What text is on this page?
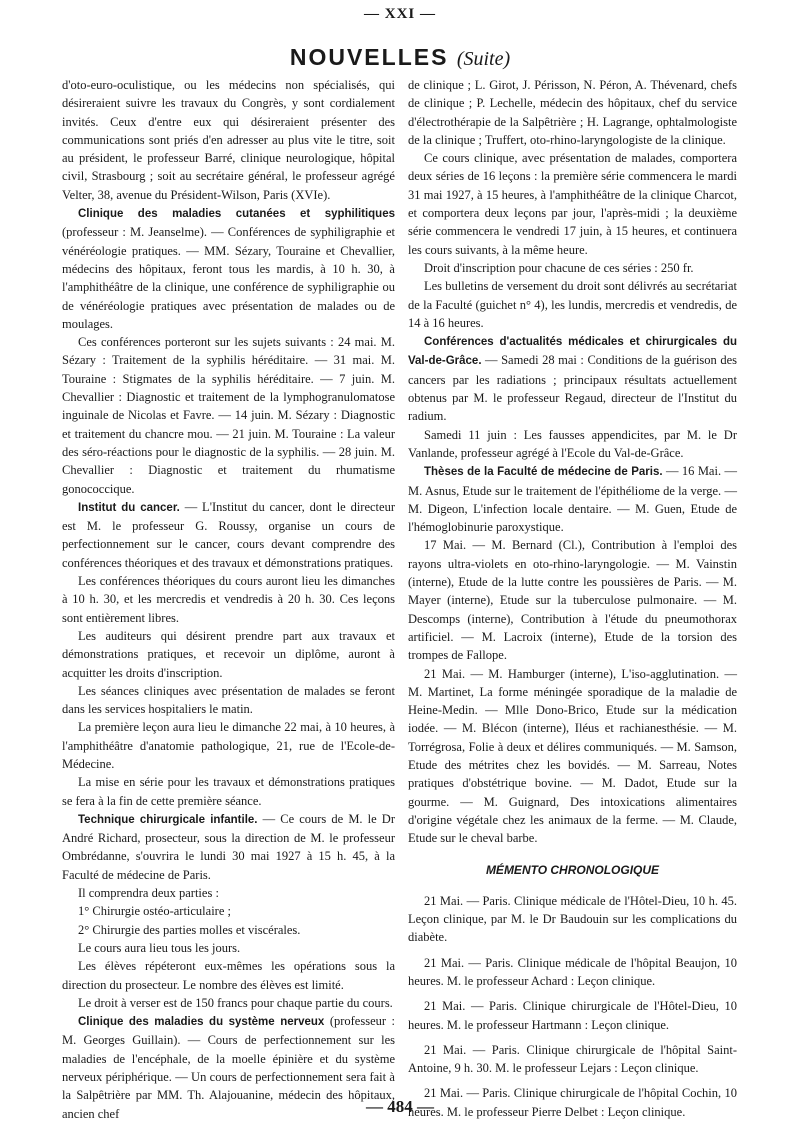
— XXI —
NOUVELLES (Suite)

d'oto-euro-oculistique, ou les médecins non spécialisés, qui désireraient suivre les travaux du Congrès, y sont cordialement invités. Ceux d'entre eux qui désireraient présenter des communications sont priés d'en adresser au plus vite le titre, soit au président, le professeur Barré, clinique neurologique, hôpital civil, Strasbourg ; soit au secrétaire général, le professeur agrégé Velter, 38, avenue du Président-Wilson, Paris (XVIe).

Clinique des maladies cutanées et syphilitiques (professeur : M. Jeanselme). — Conférences de syphiligraphie et vénéréologie pratiques. — MM. Sézary, Touraine et Chevallier, médecins des hôpitaux, feront tous les mardis, à 10 h. 30, à l'amphithéâtre de la clinique, une conférence de syphiligraphie ou de vénéréologie pratiques avec présentation de malades ou de moulages.

Ces conférences porteront sur les sujets suivants : 24 mai. M. Sézary : Traitement de la syphilis héréditaire. — 31 mai. M. Touraine : Stigmates de la syphilis héréditaire. — 7 juin. M. Chevallier : Diagnostic et traitement de la lymphogranulomatose inguinale de Nicolas et Favre. — 14 juin. M. Sézary : Diagnostic et traitement du chancre mou. — 21 juin. M. Touraine : La valeur des séro-réactions pour le diagnostic de la syphilis. — 28 juin. M. Chevallier : Diagnostic et traitement du rhumatisme gonococcique.

Institut du cancer. — L'Institut du cancer, dont le directeur est M. le professeur G. Roussy, organise un cours de perfectionnement sur le cancer, cours devant comprendre des conférences théoriques et des travaux et démonstrations pratiques.

Les conférences théoriques du cours auront lieu les dimanches à 10 h. 30, et les mercredis et vendredis à 20 h. 30. Ces leçons sont entièrement libres.

Les auditeurs qui désirent prendre part aux travaux et démonstrations pratiques, et recevoir un diplôme, auront à acquitter les droits d'inscription.

Les séances cliniques avec présentation de malades se feront dans les services hospitaliers le matin.

La première leçon aura lieu le dimanche 22 mai, à 10 heures, à l'amphithéâtre d'anatomie pathologique, 21, rue de l'Ecole-de-Médecine.

La mise en série pour les travaux et démonstrations pratiques se fera à la fin de cette première séance.

Technique chirurgicale infantile. — Ce cours de M. le Dr André Richard, prosecteur, sous la direction de M. le professeur Ombrédanne, s'ouvrira le lundi 30 mai 1927 à 15 h. 45, à la Faculté de médecine de Paris.

Il comprendra deux parties :

1° Chirurgie ostéo-articulaire ;

2° Chirurgie des parties molles et viscérales.

Le cours aura lieu tous les jours.

Les élèves répéteront eux-mêmes les opérations sous la direction du prosecteur. Le nombre des élèves est limité.

Le droit à verser est de 150 francs pour chaque partie du cours.

Clinique des maladies du système nerveux (professeur : M. Georges Guillain). — Cours de perfectionnement sur les maladies de l'encéphale, de la moelle épinière et du système nerveux périphérique. — Un cours de perfectionnement sera fait à la Salpêtrière par MM. Th. Alajouanine, médecin des hôpitaux, ancien chef

de clinique ; L. Girot, J. Périsson, N. Péron, A. Thévenard, chefs de clinique ; P. Lechelle, médecin des hôpitaux, chef du service d'électrothérapie de la Salpêtrière ; H. Lagrange, ophtalmologiste de la clinique ; Truffert, oto-rhino-laryngologiste de la clinique.

Ce cours clinique, avec présentation de malades, comportera deux séries de 16 leçons : la première série commencera le mardi 31 mai 1927, à 15 heures, à l'amphithéâtre de la clinique Charcot, et comportera deux leçons par jour, l'après-midi ; la deuxième série commencera le vendredi 17 juin, à 15 heures, et continuera les cours suivants, à la même heure.

Droit d'inscription pour chacune de ces séries : 250 fr.

Les bulletins de versement du droit sont délivrés au secrétariat de la Faculté (guichet n° 4), les lundis, mercredis et vendredis, de 14 à 16 heures.

Conférences d'actualités médicales et chirurgicales du Val-de-Grâce. — Samedi 28 mai : Conditions de la guérison des cancers par les radiations ; principaux résultats actuellement obtenus par M. le professeur Regaud, directeur de l'Institut du radium.

Samedi 11 juin : Les fausses appendicites, par M. le Dr Vanlande, professeur agrégé à l'Ecole du Val-de-Grâce.

Thèses de la Faculté de médecine de Paris. — 16 Mai. — M. Asnus, Etude sur le traitement de l'épithéliome de la verge. — M. Digeon, L'infection locale dentaire. — M. Guen, Etude de l'hémoglobinurie paroxystique.

17 Mai. — M. Bernard (Cl.), Contribution à l'emploi des rayons ultra-violets en oto-rhino-laryngologie. — M. Vainstin (interne), Etude de la lutte contre les poussières de Paris. — M. Mayer (interne), Etude sur la tuberculose pulmonaire. — M. Descomps (interne), Contribution à l'étude du pneumothorax artificiel. — M. Lacroix (interne), Etude de la torsion des trompes de Fallope.

21 Mai. — M. Hamburger (interne), L'iso-agglutination. — M. Martinet, La forme méningée sporadique de la maladie de Heine-Medin. — Mlle Dono-Brico, Etude sur la médication iodée. — M. Blécon (interne), Iléus et rachianesthésie. — M. Torrégrosa, Folie à deux et délires communiqués. — M. Samson, Etude des métrites chez les bovidés. — M. Sarreau, Notes pratiques d'obstétrique bovine. — M. Dadot, Etude sur la gourme. — M. Guignard, Des intoxications alimentaires d'origine végétale chez les animaux de la ferme. — M. Claude, Etude sur le cheval barbe.

MÉMENTO CHRONOLOGIQUE

21 Mai. — Paris. Clinique médicale de l'Hôtel-Dieu, 10 h. 45. Leçon clinique, par M. le Dr Baudouin sur les complications du diabète.

21 Mai. — Paris. Clinique médicale de l'hôpital Beaujon, 10 heures. M. le professeur Achard : Leçon clinique.

21 Mai. — Paris. Clinique chirurgicale de l'Hôtel-Dieu, 10 heures. M. le professeur Hartmann : Leçon clinique.

21 Mai. — Paris. Clinique chirurgicale de l'hôpital Saint-Antoine, 9 h. 30. M. le professeur Lejars : Leçon clinique.

21 Mai. — Paris. Clinique chirurgicale de l'hôpital Cochin, 10 heures. M. le professeur Pierre Delbet : Leçon clinique.

— 484 —
